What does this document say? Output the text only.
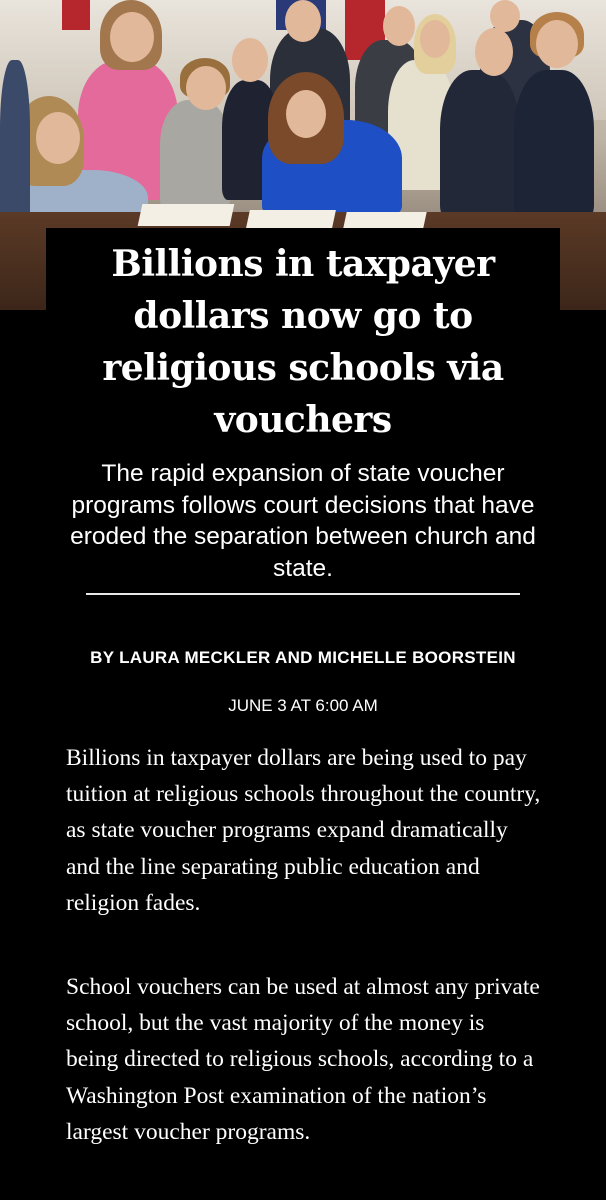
Billions in taxpayer dollars now go to religious schools via vouchers

The rapid expansion of state voucher programs follows court decisions that have eroded the separation between church and state.

BY LAURA MECKLER AND MICHELLE BOORSTEIN

JUNE 3 AT 6:00 AM

Billions in taxpayer dollars are being used to pay tuition at religious schools throughout the country, as state voucher programs expand dramatically and the line separating public education and religion fades.

School vouchers can be used at almost any private school, but the vast majority of the money is being directed to religious schools, according to a Washington Post examination of the nation’s largest voucher programs.
